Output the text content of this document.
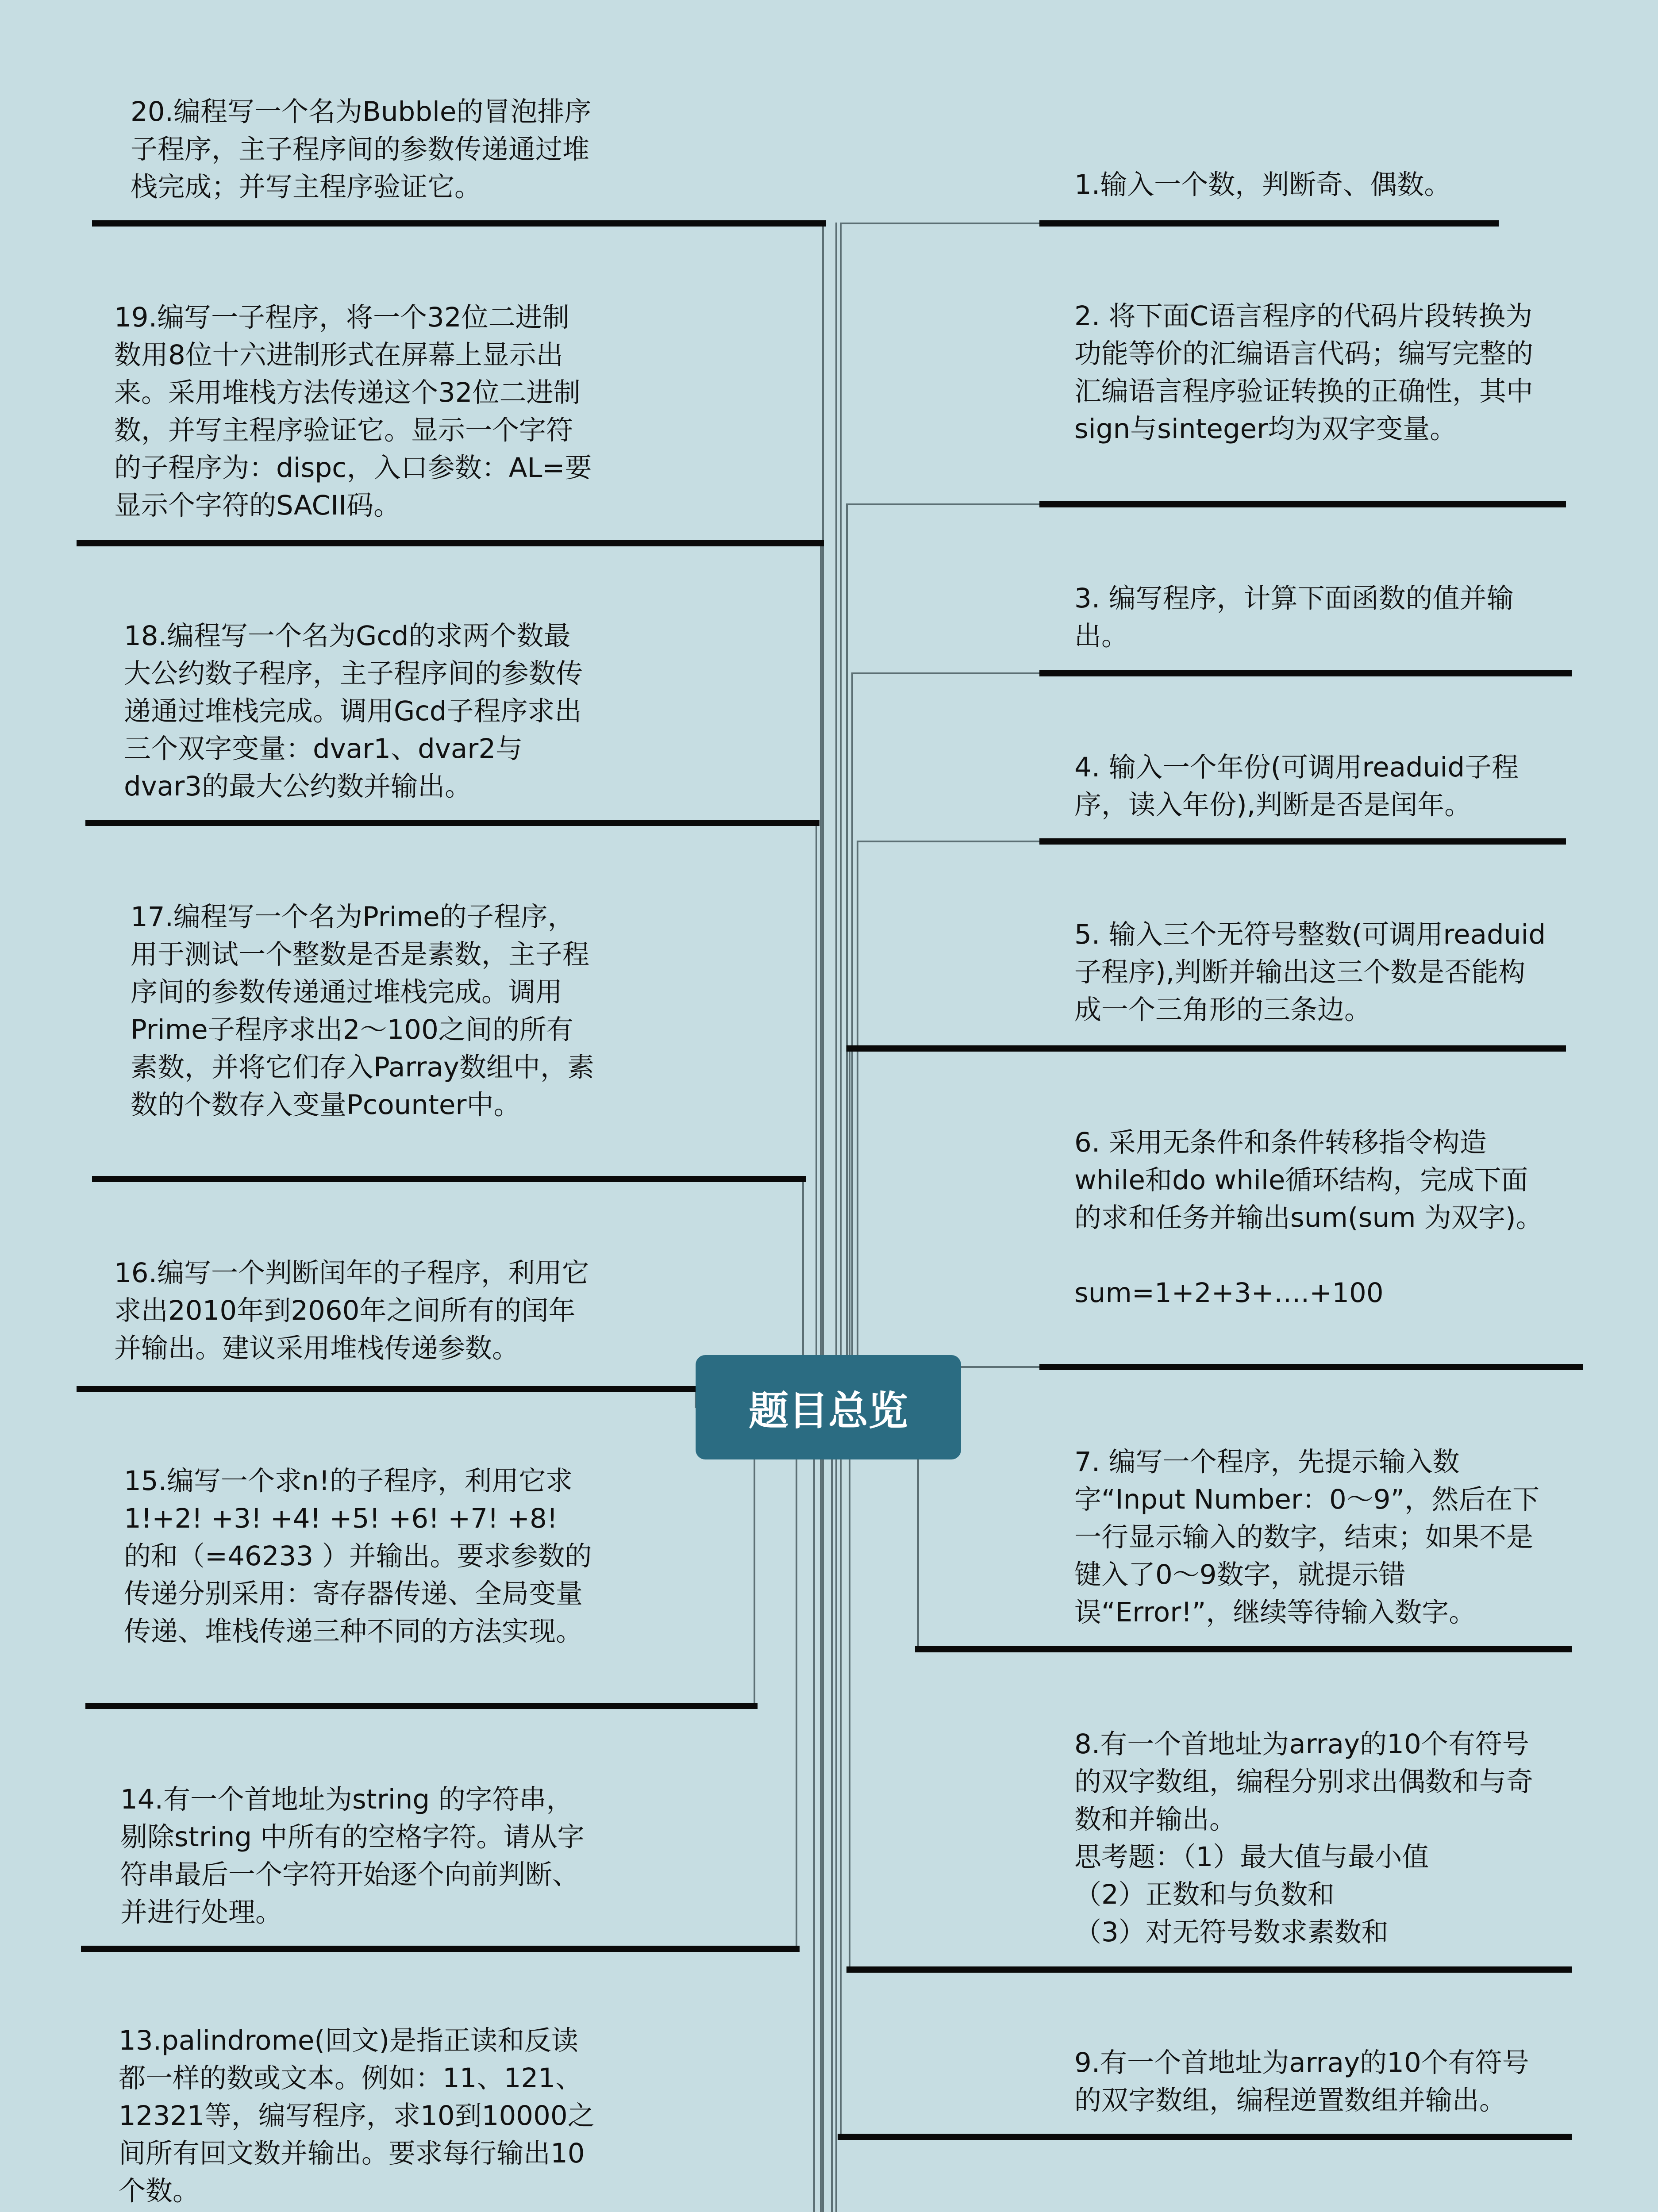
题目总览
1.输入一个数，判断奇、偶数。
2. 将下面C语言程序的代码片段转换为功能等价的汇编语言代码；编写完整的汇编语言程序验证转换的正确性，其中sign与sinteger均为双字变量。
3. 编写程序，计算下面函数的值并输出。
4. 输入一个年份(可调用readuid子程序，读入年份),判断是否是闰年。
5. 输入三个无符号整数(可调用readuid子程序),判断并输出这三个数是否能构成一个三角形的三条边。
6. 采用无条件和条件转移指令构造while和do while循环结构，完成下面的求和任务并输出sum(sum 为双字)。

sum=1+2+3+….+100
7. 编写一个程序，先提示输入数字“Input Number：0～9”，然后在下一行显示输入的数字，结束；如果不是键入了0～9数字，就提示错误“Error!”，继续等待输入数字。
8.有一个首地址为array的10个有符号的双字数组，编程分别求出偶数和与奇数和并输出。
思考题：（1）最大值与最小值
（2）正数和与负数和
（3）对无符号数求素数和
9.有一个首地址为array的10个有符号的双字数组，编程逆置数组并输出。
20.编程写一个名为Bubble的冒泡排序子程序，主子程序间的参数传递通过堆栈完成；并写主程序验证它。
19.编写一子程序，将一个32位二进制数用8位十六进制形式在屏幕上显示出来。采用堆栈方法传递这个32位二进制数，并写主程序验证它。显示一个字符的子程序为：dispc，入口参数：AL=要显示个字符的SACII码。
18.编程写一个名为Gcd的求两个数最大公约数子程序，主子程序间的参数传递通过堆栈完成。调用Gcd子程序求出三个双字变量：dvar1、dvar2与dvar3的最大公约数并输出。
17.编程写一个名为Prime的子程序，用于测试一个整数是否是素数，主子程序间的参数传递通过堆栈完成。调用Prime子程序求出2～100之间的所有素数，并将它们存入Parray数组中，素数的个数存入变量Pcounter中。
16.编写一个判断闰年的子程序，利用它求出2010年到2060年之间所有的闰年并输出。建议采用堆栈传递参数。
15.编写一个求n!的子程序，利用它求1!+2! +3! +4! +5! +6! +7! +8! 的和（=46233 ）并输出。要求参数的传递分别采用：寄存器传递、全局变量传递、堆栈传递三种不同的方法实现。
14.有一个首地址为string 的字符串，剔除string 中所有的空格字符。请从字符串最后一个字符开始逐个向前判断、并进行处理。
13.palindrome(回文)是指正读和反读都一样的数或文本。例如：11、121、12321等，编写程序，求10到10000之间所有回文数并输出。要求每行输出10个数。
